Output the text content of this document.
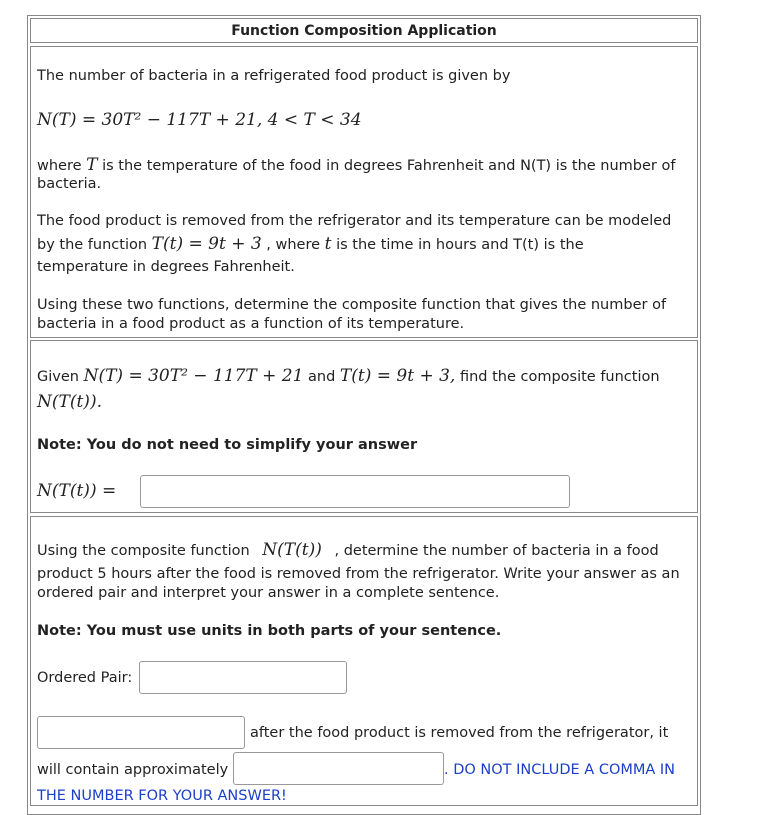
Function Composition Application

The number of bacteria in a refrigerated food product is given by

N(T) = 30T² − 117T + 21, 4 < T < 34

where T is the temperature of the food in degrees Fahrenheit and N(T) is the number of

bacteria.

The food product is removed from the refrigerator and its temperature can be modeled

by the function T(t) = 9t + 3 , where t is the time in hours and T(t) is the

temperature in degrees Fahrenheit.

Using these two functions, determine the composite function that gives the number of

bacteria in a food product as a function of its temperature.

Given N(T) = 30T² − 117T + 21 and T(t) = 9t + 3, find the composite function

N(T(t)).

Note: You do not need to simplify your answer

N(T(t)) =

Using the composite function N(T(t)) , determine the number of bacteria in a food

product 5 hours after the food is removed from the refrigerator. Write your answer as an

ordered pair and interpret your answer in a complete sentence.

Note: You must use units in both parts of your sentence.

Ordered Pair:

after the food product is removed from the refrigerator, it

will contain approximately	. DO NOT INCLUDE A COMMA IN

THE NUMBER FOR YOUR ANSWER!
